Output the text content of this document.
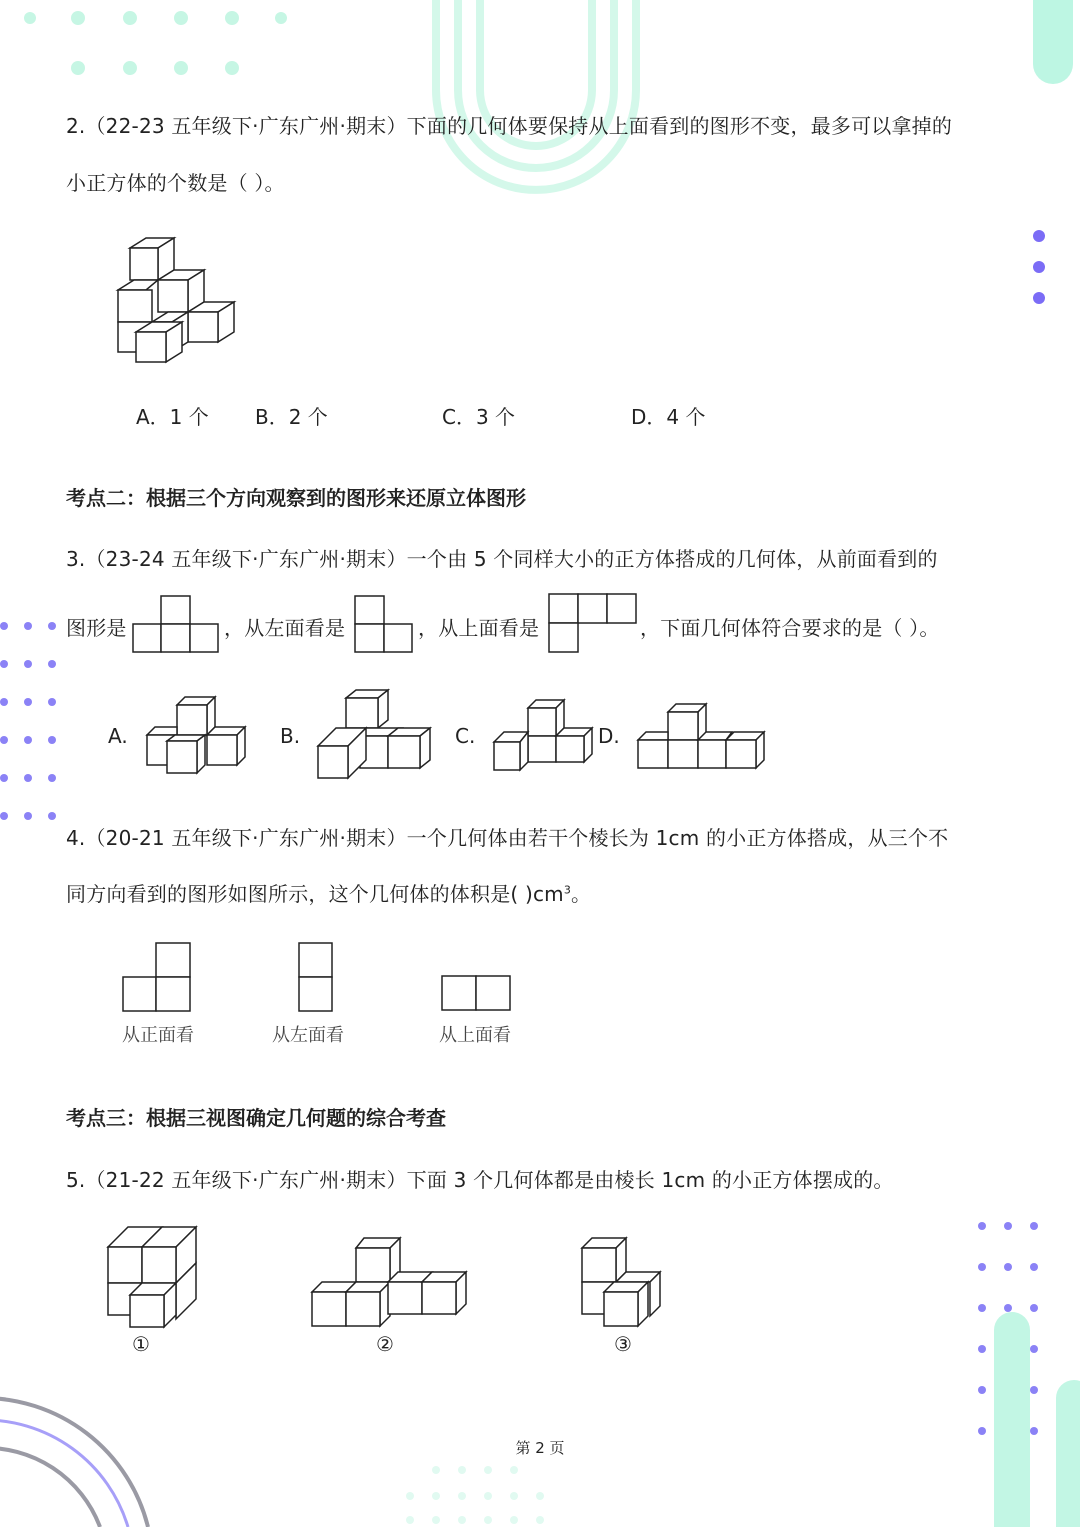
2.（22-23 五年级下·广东广州·期末）下面的几何体要保持从上面看到的图形不变，最多可以拿掉的
小正方体的个数是（ ）。
A．1 个 B．2 个	C．3 个	D．4 个
考点二：根据三个方向观察到的图形来还原立体图形
3.（23-24 五年级下·广东广州·期末）一个由 5 个同样大小的正方体搭成的几何体，从前面看到的
图形是	，从左面看是	，从上面看是	，下面几何体符合要求的是（ ）。
A.	B.	C.	D.
4.（20-21 五年级下·广东广州·期末）一个几何体由若干个棱长为 1cm 的小正方体搭成，从三个不
同方向看到的图形如图所示，这个几何体的体积是( )$cm^3$。
从正面看	从左面看	从上面看
考点三：根据三视图确定几何题的综合考查
5.（21-22 五年级下·广东广州·期末）下面 3 个几何体都是由棱长 1cm 的小正方体摆成的。
①	②	③
第 2 页
